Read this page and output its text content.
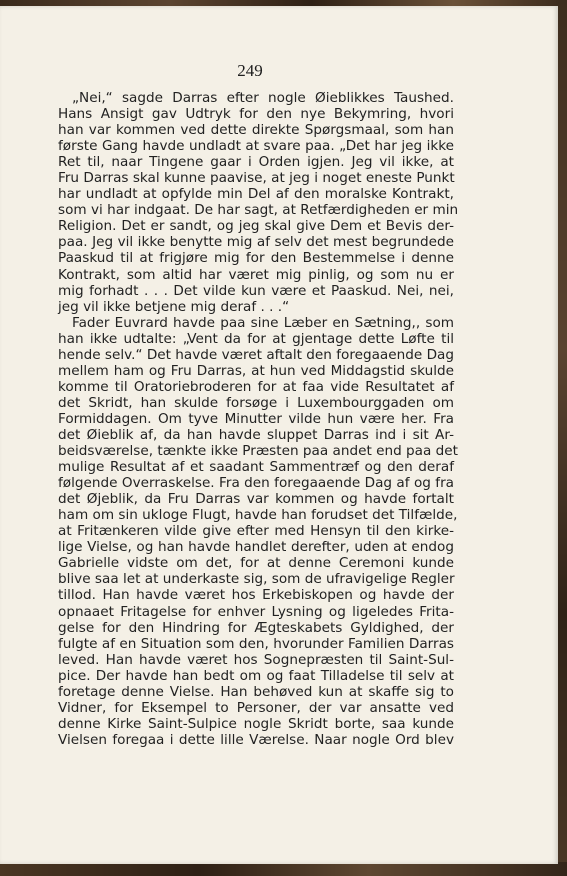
249
„Nei,“ sagde Darras efter nogle Øieblikkes Taushed.
Hans Ansigt gav Udtryk for den nye Bekymring, hvori
han var kommen ved dette direkte Spørgsmaal, som han
første Gang havde undladt at svare paa. „Det har jeg ikke
Ret til, naar Tingene gaar i Orden igjen. Jeg vil ikke, at
Fru Darras skal kunne paavise, at jeg i noget eneste Punkt
har undladt at opfylde min Del af den moralske Kontrakt,
som vi har indgaat. De har sagt, at Retfærdigheden er min
Religion. Det er sandt, og jeg skal give Dem et Bevis der-
paa. Jeg vil ikke benytte mig af selv det mest begrundede
Paaskud til at frigjøre mig for den Bestemmelse i denne
Kontrakt, som altid har været mig pinlig, og som nu er
mig forhadt . . . Det vilde kun være et Paaskud. Nei, nei,
jeg vil ikke betjene mig deraf . . .“
Fader Euvrard havde paa sine Læber en Sætning,, som
han ikke udtalte: „Vent da for at gjentage dette Løfte til
hende selv.“ Det havde været aftalt den foregaaende Dag
mellem ham og Fru Darras, at hun ved Middagstid skulde
komme til Oratoriebroderen for at faa vide Resultatet af
det Skridt, han skulde forsøge i Luxembourggaden om
Formiddagen. Om tyve Minutter vilde hun være her. Fra
det Øieblik af, da han havde sluppet Darras ind i sit Ar-
beidsværelse, tænkte ikke Præsten paa andet end paa det
mulige Resultat af et saadant Sammentræf og den deraf
følgende Overraskelse. Fra den foregaaende Dag af og fra
det Øjeblik, da Fru Darras var kommen og havde fortalt
ham om sin ukloge Flugt, havde han forudset det Tilfælde,
at Fritænkeren vilde give efter med Hensyn til den kirke-
lige Vielse, og han havde handlet derefter, uden at endog
Gabrielle vidste om det, for at denne Ceremoni kunde
blive saa let at underkaste sig, som de ufravigelige Regler
tillod. Han havde været hos Erkebiskopen og havde der
opnaaet Fritagelse for enhver Lysning og ligeledes Frita-
gelse for den Hindring for Ægteskabets Gyldighed, der
fulgte af en Situation som den, hvorunder Familien Darras
leved. Han havde været hos Sognepræsten til Saint-Sul-
pice. Der havde han bedt om og faat Tilladelse til selv at
foretage denne Vielse. Han behøved kun at skaffe sig to
Vidner, for Eksempel to Personer, der var ansatte ved
denne Kirke Saint-Sulpice nogle Skridt borte, saa kunde
Vielsen foregaa i dette lille Værelse. Naar nogle Ord blev
